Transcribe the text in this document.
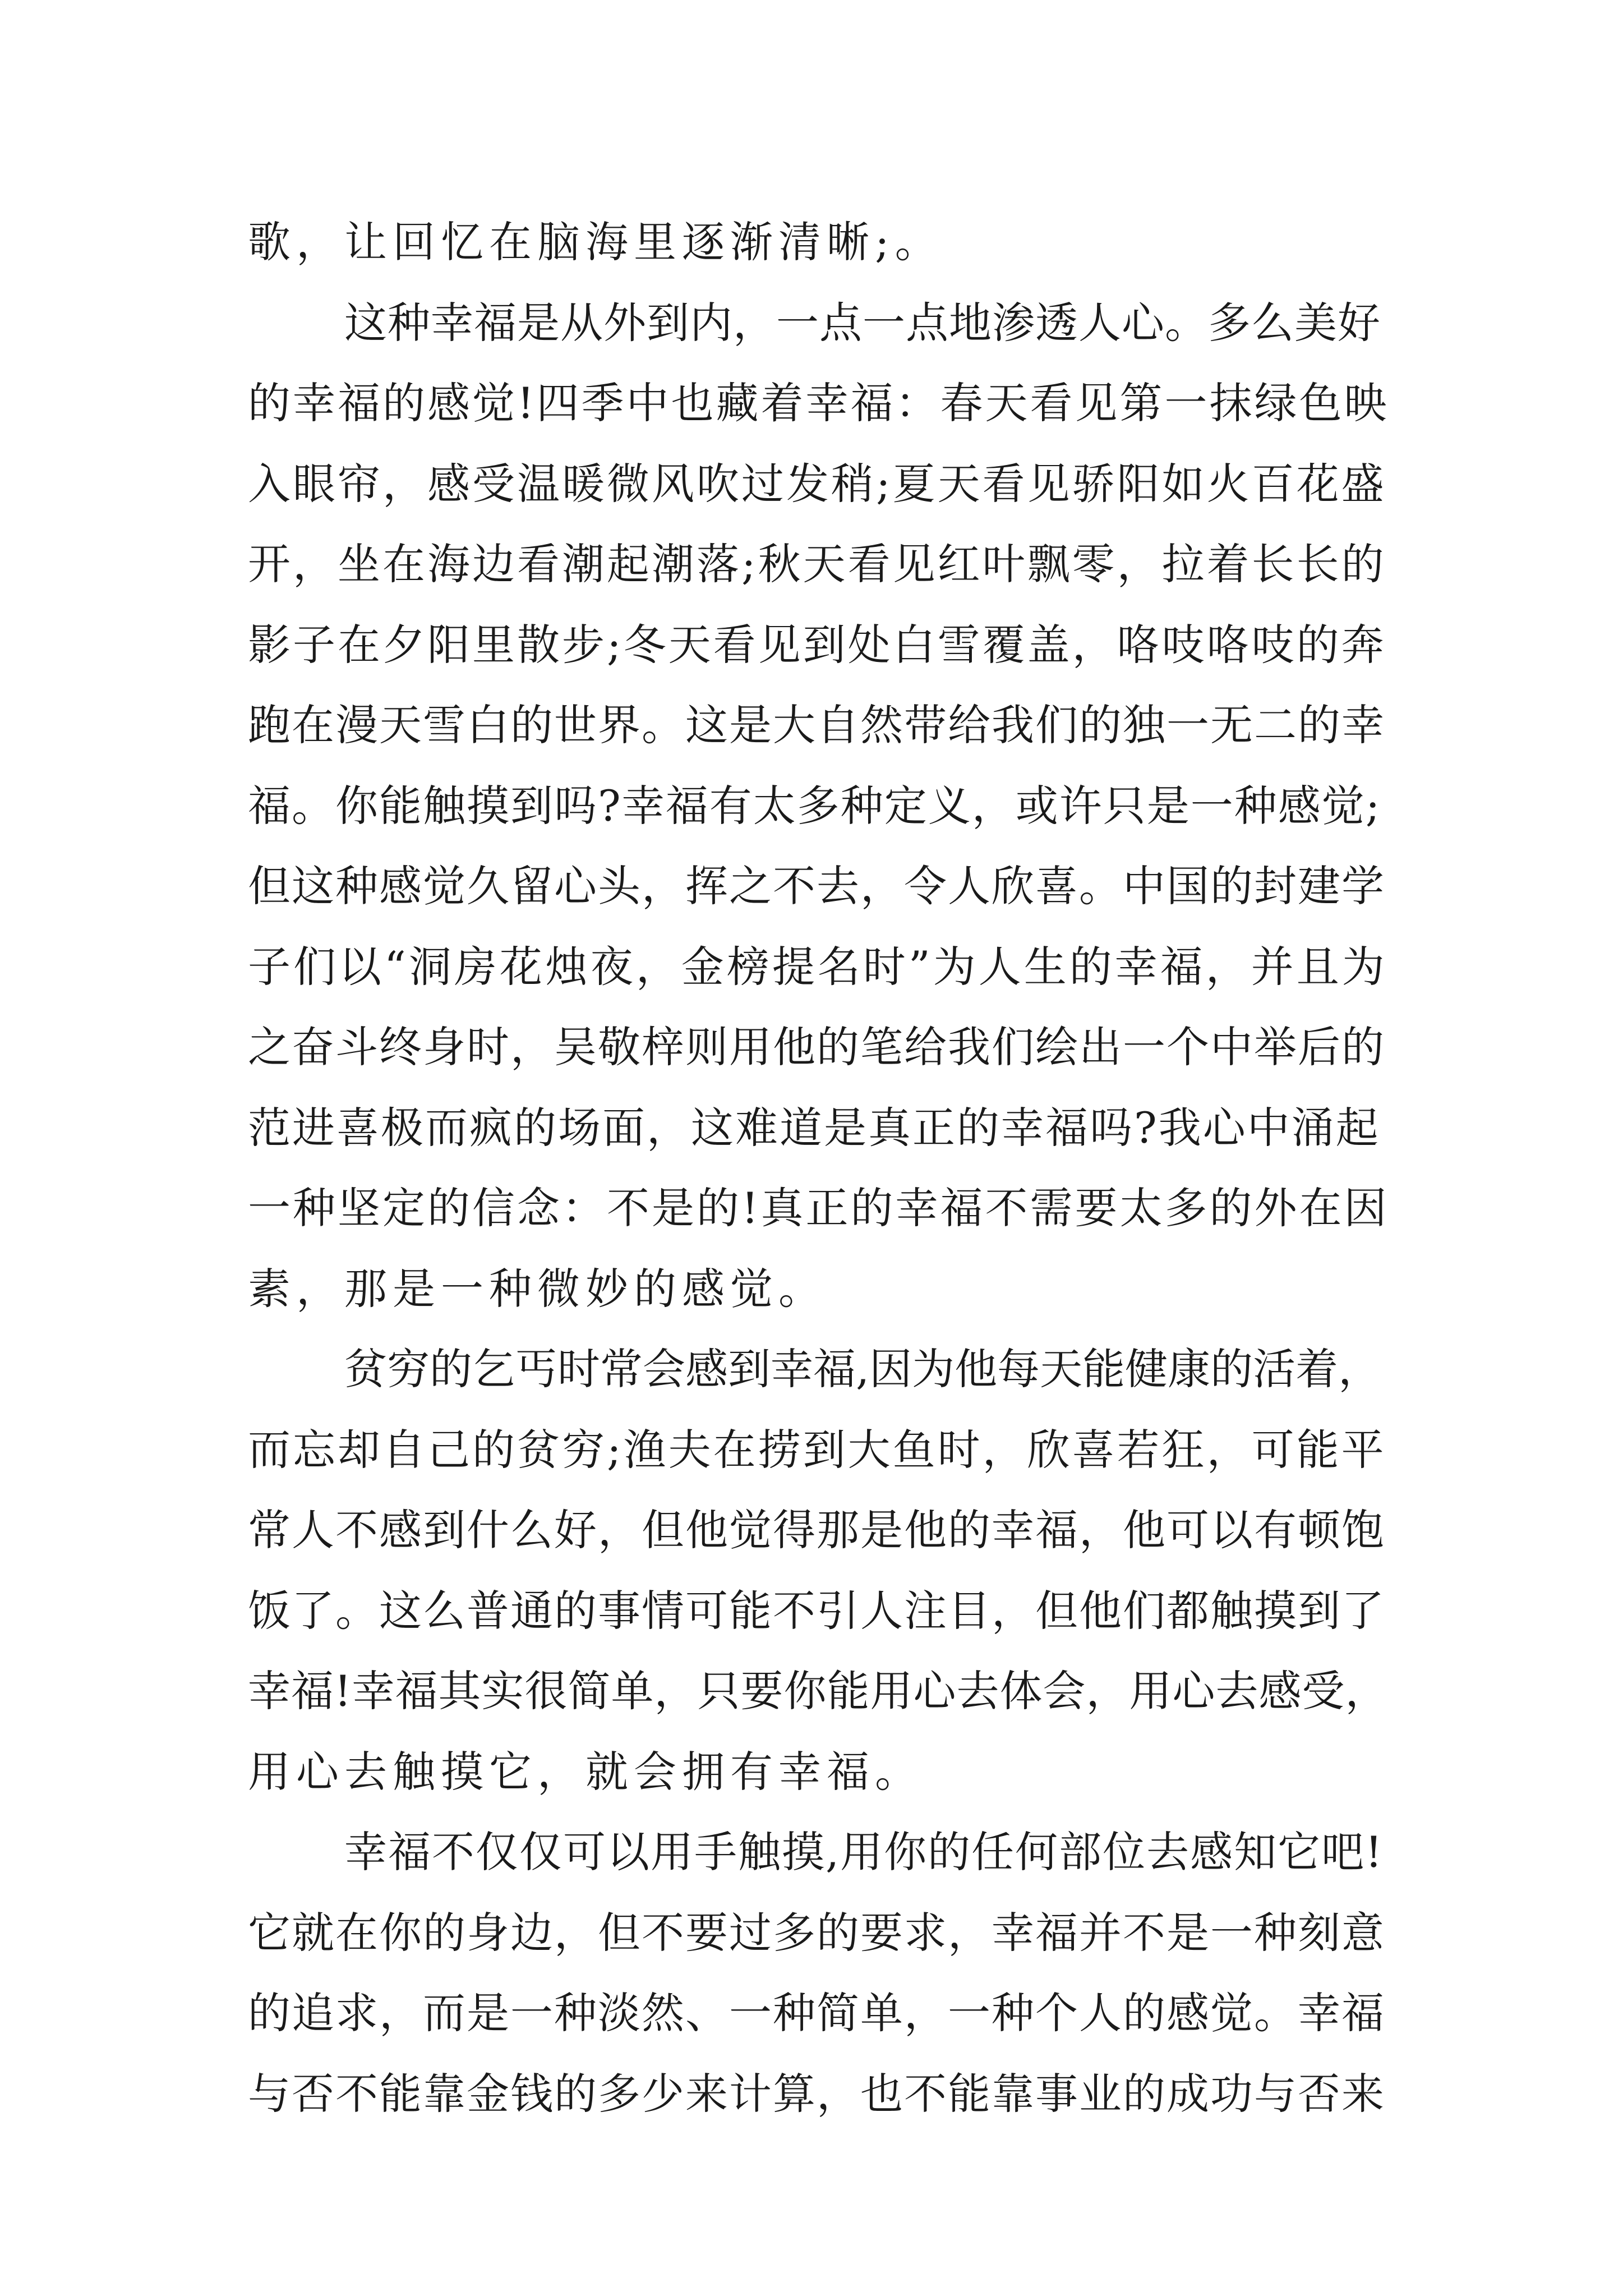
歌，让回忆在脑海里逐渐清晰;。
这种幸福是从外到内，一点一点地渗透人心。多么美好
的幸福的感觉!四季中也藏着幸福：春天看见第一抹绿色映
入眼帘，感受温暖微风吹过发稍;夏天看见骄阳如火百花盛
开，坐在海边看潮起潮落;秋天看见红叶飘零，拉着长长的
影子在夕阳里散步;冬天看见到处白雪覆盖，咯吱咯吱的奔
跑在漫天雪白的世界。这是大自然带给我们的独一无二的幸
福。你能触摸到吗?幸福有太多种定义，或许只是一种感觉;
但这种感觉久留心头，挥之不去，令人欣喜。中国的封建学
子们以“洞房花烛夜，金榜提名时”为人生的幸福，并且为
之奋斗终身时，吴敬梓则用他的笔给我们绘出一个中举后的
范进喜极而疯的场面，这难道是真正的幸福吗?我心中涌起
一种坚定的信念：不是的!真正的幸福不需要太多的外在因
素，那是一种微妙的感觉。
贫穷的乞丐时常会感到幸福,因为他每天能健康的活着，
而忘却自己的贫穷;渔夫在捞到大鱼时，欣喜若狂，可能平
常人不感到什么好，但他觉得那是他的幸福，他可以有顿饱
饭了。这么普通的事情可能不引人注目，但他们都触摸到了
幸福!幸福其实很简单，只要你能用心去体会，用心去感受，
用心去触摸它，就会拥有幸福。
幸福不仅仅可以用手触摸,用你的任何部位去感知它吧!
它就在你的身边，但不要过多的要求，幸福并不是一种刻意
的追求，而是一种淡然、一种简单，一种个人的感觉。幸福
与否不能靠金钱的多少来计算，也不能靠事业的成功与否来
